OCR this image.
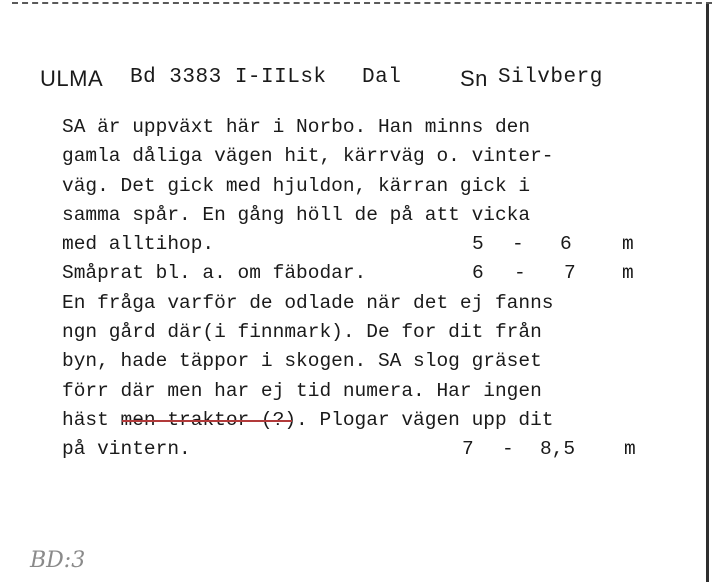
ULMA Bd 3383 I-IILsk Dal	Sn Silvberg
SA är uppväxt här i Norbo. Han minns den
gamla dåliga vägen hit, kärrväg o. vinter-
väg. Det gick med hjuldon, kärran gick i
samma spår. En gång höll de på att vicka
med alltihop.	5 - 6	m
Småprat bl. a. om fäbodar.	6 - 7 m
En fråga varför de odlade när det ej fanns
ngn gård där(i finnmark). De for dit från
byn, hade täppor i skogen. SA slog gräset
förr där men har ej tid numera. Har ingen
häst men traktor (?). Plogar vägen upp dit
på vintern.	7 - 8,5	m
BD:3
